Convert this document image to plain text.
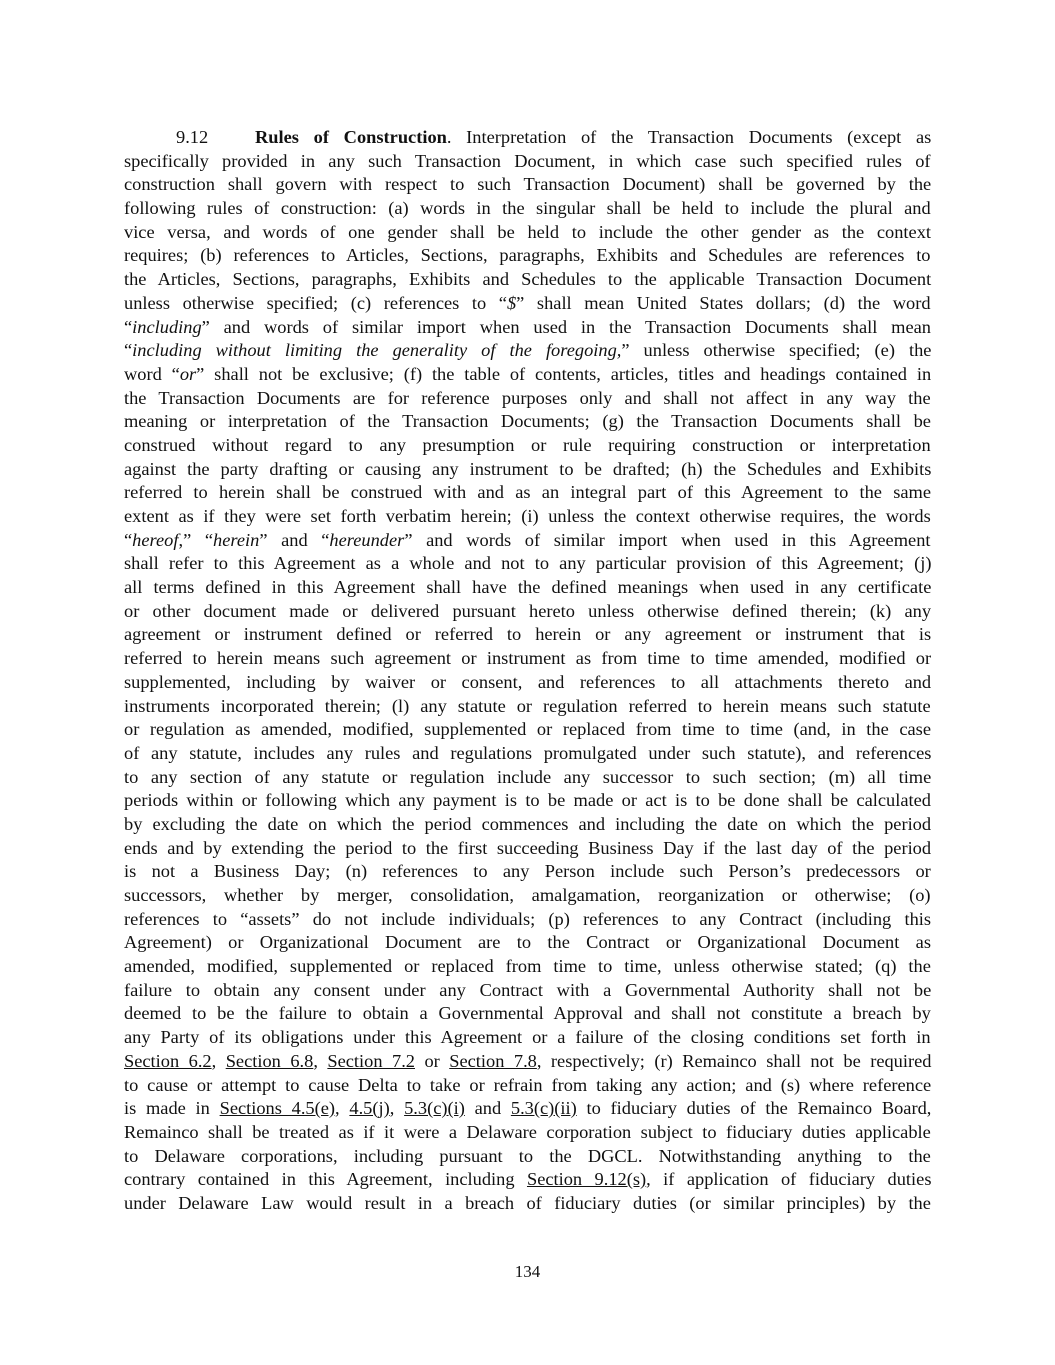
9.12	Rules of Construction. Interpretation of the Transaction Documents (except as
specifically provided in any such Transaction Document, in which case such specified rules of
construction shall govern with respect to such Transaction Document) shall be governed by the
following rules of construction: (a) words in the singular shall be held to include the plural and
vice versa, and words of one gender shall be held to include the other gender as the context
requires; (b) references to Articles, Sections, paragraphs, Exhibits and Schedules are references to
the Articles, Sections, paragraphs, Exhibits and Schedules to the applicable Transaction Document
unless otherwise specified; (c) references to “$” shall mean United States dollars; (d) the word
“including” and words of similar import when used in the Transaction Documents shall mean
“including without limiting the generality of the foregoing,” unless otherwise specified; (e) the
word “or” shall not be exclusive; (f) the table of contents, articles, titles and headings contained in
the Transaction Documents are for reference purposes only and shall not affect in any way the
meaning or interpretation of the Transaction Documents; (g) the Transaction Documents shall be
construed without regard to any presumption or rule requiring construction or interpretation
against the party drafting or causing any instrument to be drafted; (h) the Schedules and Exhibits
referred to herein shall be construed with and as an integral part of this Agreement to the same
extent as if they were set forth verbatim herein; (i) unless the context otherwise requires, the words
“hereof,” “herein” and “hereunder” and words of similar import when used in this Agreement
shall refer to this Agreement as a whole and not to any particular provision of this Agreement; (j)
all terms defined in this Agreement shall have the defined meanings when used in any certificate
or other document made or delivered pursuant hereto unless otherwise defined therein; (k) any
agreement or instrument defined or referred to herein or any agreement or instrument that is
referred to herein means such agreement or instrument as from time to time amended, modified or
supplemented, including by waiver or consent, and references to all attachments thereto and
instruments incorporated therein; (l) any statute or regulation referred to herein means such statute
or regulation as amended, modified, supplemented or replaced from time to time (and, in the case
of any statute, includes any rules and regulations promulgated under such statute), and references
to any section of any statute or regulation include any successor to such section; (m) all time
periods within or following which any payment is to be made or act is to be done shall be calculated
by excluding the date on which the period commences and including the date on which the period
ends and by extending the period to the first succeeding Business Day if the last day of the period
is not a Business Day; (n) references to any Person include such Person’s predecessors or
successors, whether by merger, consolidation, amalgamation, reorganization or otherwise; (o)
references to “assets” do not include individuals; (p) references to any Contract (including this
Agreement) or Organizational Document are to the Contract or Organizational Document as
amended, modified, supplemented or replaced from time to time, unless otherwise stated; (q) the
failure to obtain any consent under any Contract with a Governmental Authority shall not be
deemed to be the failure to obtain a Governmental Approval and shall not constitute a breach by
any Party of its obligations under this Agreement or a failure of the closing conditions set forth in
Section 6.2, Section 6.8, Section 7.2 or Section 7.8, respectively; (r) Remainco shall not be required
to cause or attempt to cause Delta to take or refrain from taking any action; and (s) where reference
is made in Sections 4.5(e), 4.5(j), 5.3(c)(i) and 5.3(c)(ii) to fiduciary duties of the Remainco Board,
Remainco shall be treated as if it were a Delaware corporation subject to fiduciary duties applicable
to Delaware corporations, including pursuant to the DGCL. Notwithstanding anything to the
contrary contained in this Agreement, including Section 9.12(s), if application of fiduciary duties
under Delaware Law would result in a breach of fiduciary duties (or similar principles) by the
134
